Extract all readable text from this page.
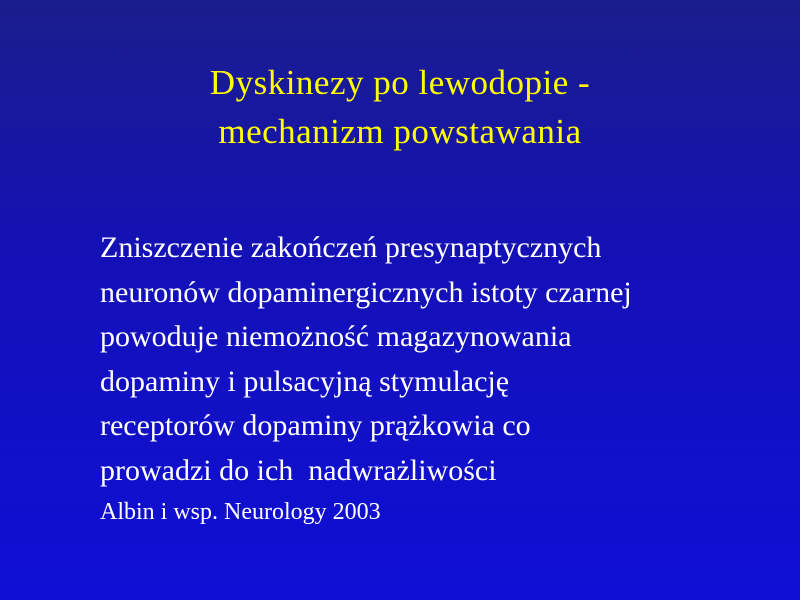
Dyskinezy po lewodopie -
mechanizm powstawania
Zniszczenie zakończeń presynaptycznych
neuronów dopaminergicznych istoty czarnej
powoduje niemożność magazynowania
dopaminy i pulsacyjną stymulację
receptorów dopaminy prążkowia co
prowadzi do ich  nadwrażliwości
Albin i wsp. Neurology 2003
